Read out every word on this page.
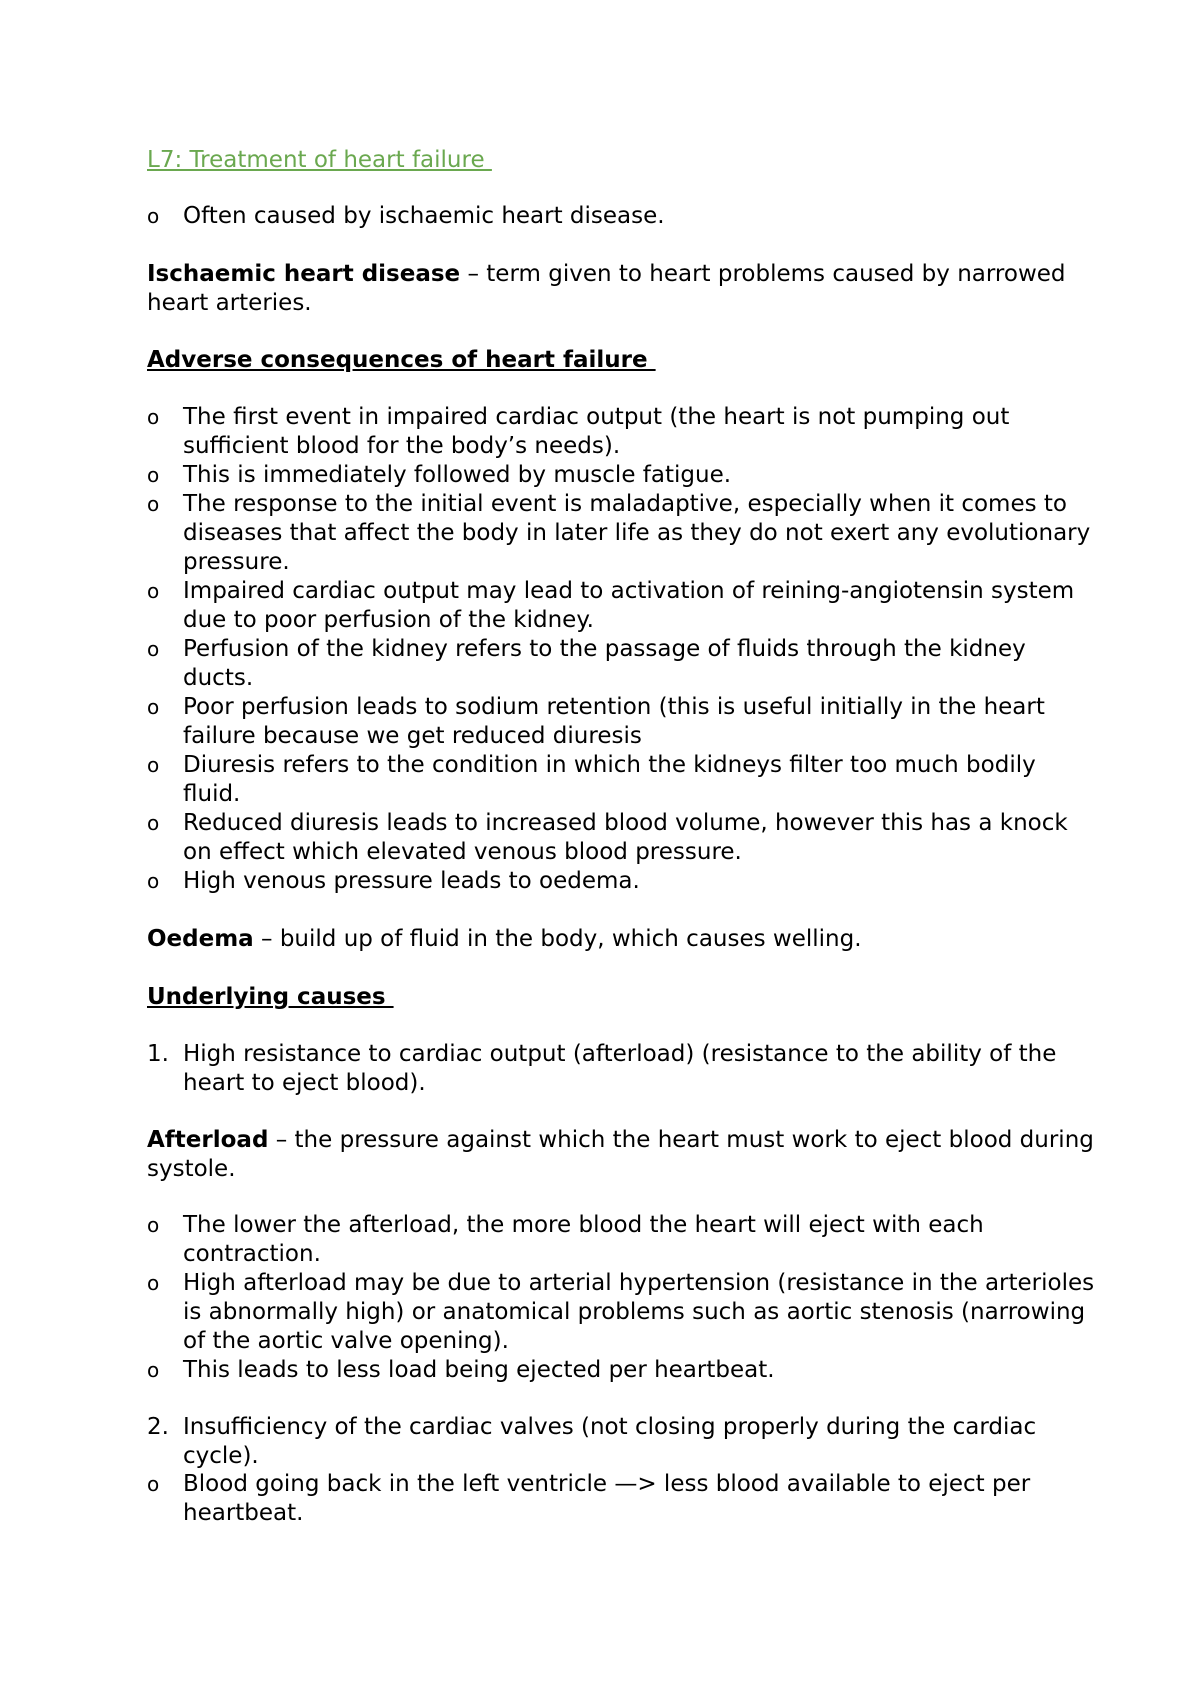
L7: Treatment of heart failure
o Often caused by ischaemic heart disease.
Ischaemic heart disease – term given to heart problems caused by narrowed heart arteries.
Adverse consequences of heart failure
o The first event in impaired cardiac output (the heart is not pumping out sufficient blood for the body’s needs).
o This is immediately followed by muscle fatigue.
o The response to the initial event is maladaptive, especially when it comes to diseases that affect the body in later life as they do not exert any evolutionary pressure.
o Impaired cardiac output may lead to activation of reining-angiotensin system due to poor perfusion of the kidney.
o Perfusion of the kidney refers to the passage of fluids through the kidney ducts.
o Poor perfusion leads to sodium retention (this is useful initially in the heart failure because we get reduced diuresis
o Diuresis refers to the condition in which the kidneys filter too much bodily fluid.
o Reduced diuresis leads to increased blood volume, however this has a knock on effect which elevated venous blood pressure.
o High venous pressure leads to oedema.
Oedema – build up of fluid in the body, which causes welling.
Underlying causes
1. High resistance to cardiac output (afterload) (resistance to the ability of the heart to eject blood).
Afterload – the pressure against which the heart must work to eject blood during systole.
o The lower the afterload, the more blood the heart will eject with each contraction.
o High afterload may be due to arterial hypertension (resistance in the arterioles is abnormally high) or anatomical problems such as aortic stenosis (narrowing of the aortic valve opening).
o This leads to less load being ejected per heartbeat.
2. Insufficiency of the cardiac valves (not closing properly during the cardiac cycle).
o Blood going back in the left ventricle —> less blood available to eject per heartbeat.
